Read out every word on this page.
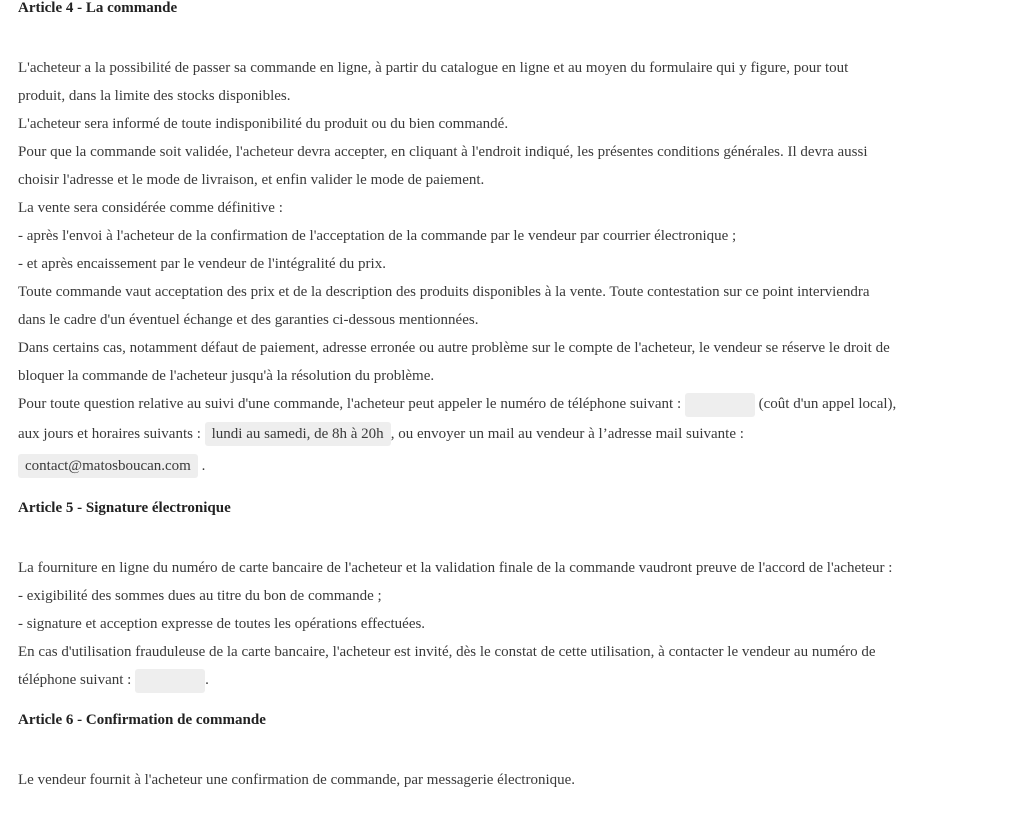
Article 4 - La commande
L'acheteur a la possibilité de passer sa commande en ligne, à partir du catalogue en ligne et au moyen du formulaire qui y figure, pour tout
produit, dans la limite des stocks disponibles.
L'acheteur sera informé de toute indisponibilité du produit ou du bien commandé.
Pour que la commande soit validée, l'acheteur devra accepter, en cliquant à l'endroit indiqué, les présentes conditions générales. Il devra aussi
choisir l'adresse et le mode de livraison, et enfin valider le mode de paiement.
La vente sera considérée comme définitive :
- après l'envoi à l'acheteur de la confirmation de l'acceptation de la commande par le vendeur par courrier électronique ;
- et après encaissement par le vendeur de l'intégralité du prix.
Toute commande vaut acceptation des prix et de la description des produits disponibles à la vente. Toute contestation sur ce point interviendra
dans le cadre d'un éventuel échange et des garanties ci-dessous mentionnées.
Dans certains cas, notamment défaut de paiement, adresse erronée ou autre problème sur le compte de l'acheteur, le vendeur se réserve le droit de
bloquer la commande de l'acheteur jusqu'à la résolution du problème.
Pour toute question relative au suivi d'une commande, l'acheteur peut appeler le numéro de téléphone suivant :	(coût d'un appel local),
aux jours et horaires suivants : lundi au samedi, de 8h à 20h , ou envoyer un mail au vendeur à l’adresse mail suivante :
contact@matosboucan.com .
Article 5 - Signature électronique
La fourniture en ligne du numéro de carte bancaire de l'acheteur et la validation finale de la commande vaudront preuve de l'accord de l'acheteur :
- exigibilité des sommes dues au titre du bon de commande ;
- signature et acception expresse de toutes les opérations effectuées.
En cas d'utilisation frauduleuse de la carte bancaire, l'acheteur est invité, dès le constat de cette utilisation, à contacter le vendeur au numéro de
téléphone suivant :	.
Article 6 - Confirmation de commande
Le vendeur fournit à l'acheteur une confirmation de commande, par messagerie électronique.
